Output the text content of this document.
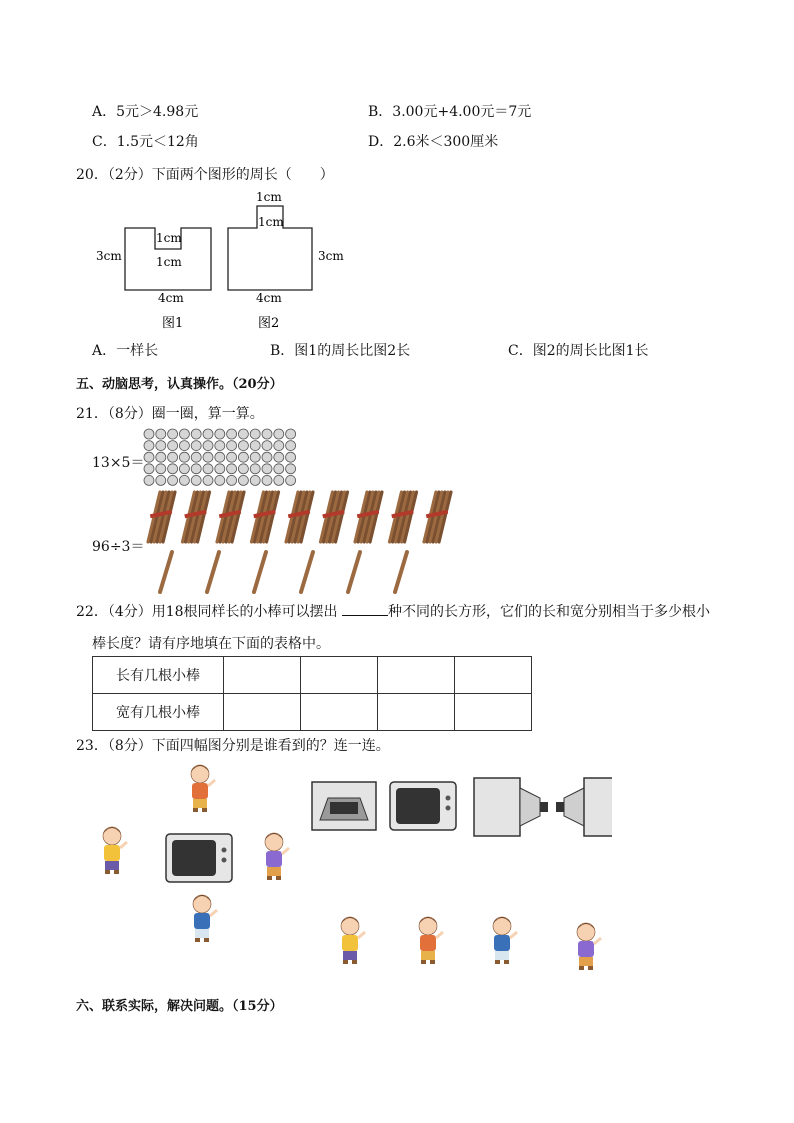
A．5元＞4.98元	B．3.00元+4.00元＝7元
C．1.5元＜12角	D．2.6米＜300厘米
20．（2分）下面两个图形的周长（　　）
3cm
1cm
1cm
4cm
图1
1cm
1cm
3cm
4cm
图2
A．一样长	B．图1的周长比图2长	C．图2的周长比图1长
五、动脑思考，认真操作。（20分）
21．（8分）圈一圈，算一算。
13×5＝
96÷3＝
22．（4分）用18根同样长的小棒可以摆出	种不同的长方形，它们的长和宽分别相当于多少根小
棒长度？请有序地填在下面的表格中。
长有几根小棒				
宽有几根小棒				
23．（8分）下面四幅图分别是谁看到的？连一连。
六、联系实际，解决问题。（15分）
